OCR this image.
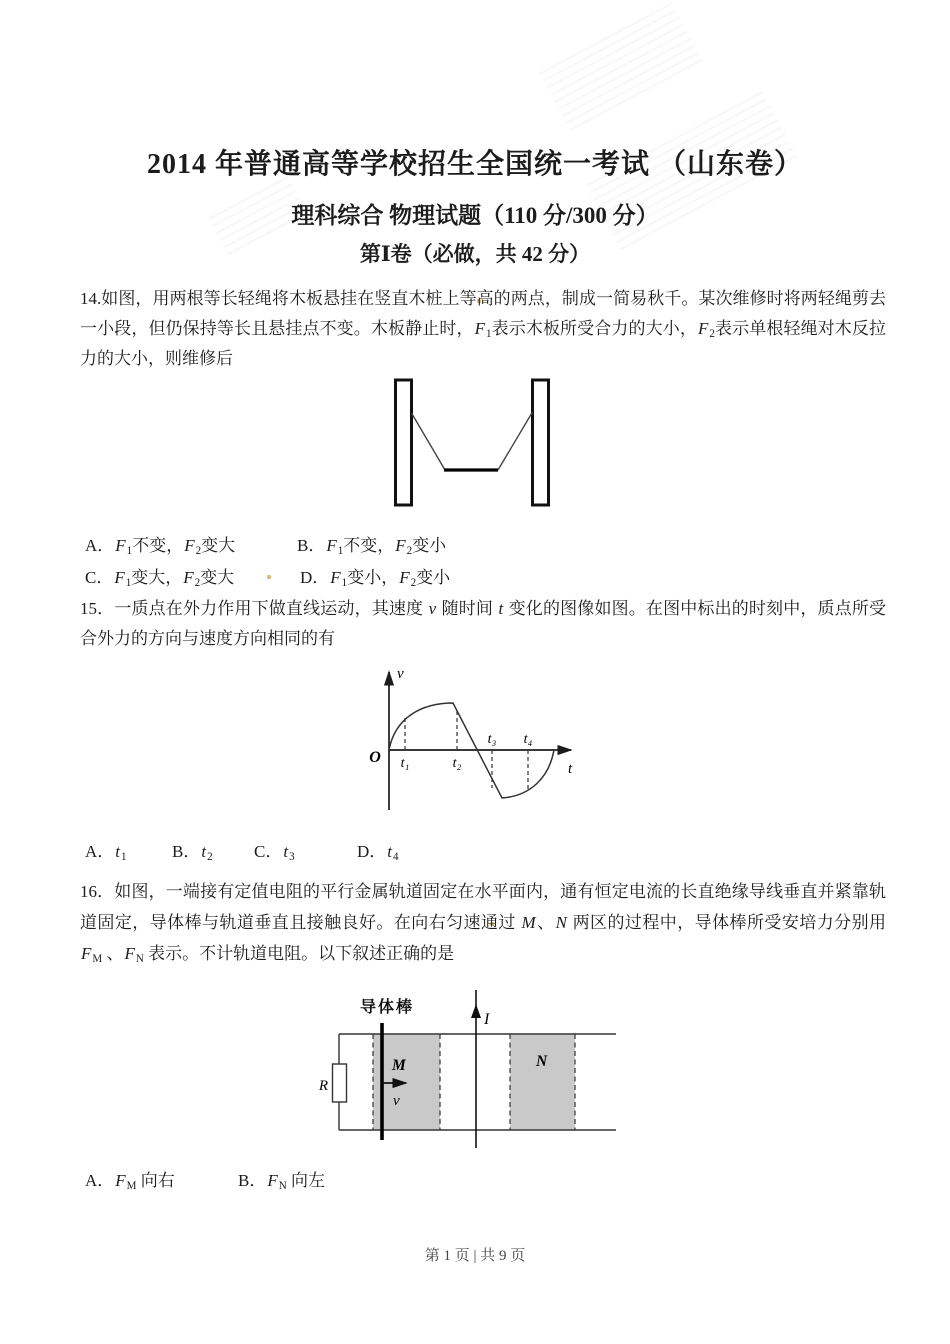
2014 年普通高等学校招生全国统一考试 （山东卷）
理科综合 物理试题（110 分/300 分）
第Ⅰ卷（必做，共 42 分）
14.如图，用两根等长轻绳将木板悬挂在竖直木桩上等高的两点，制成一简易秋千。某次维修时将两轻绳剪去一小段，但仍保持等长且悬挂点不变。木板静止时，$F_1$表示木板所受合力的大小，$F_2$表示单根轻绳对木反拉力的大小，则维修后
A．$F_1$不变，$F_2$变大	B．$F_1$不变，$F_2$变小
C．$F_1$变大，$F_2$变大	D．$F_1$变小，$F_2$变小
15．一质点在外力作用下做直线运动，其速度 v 随时间 t 变化的图像如图。在图中标出的时刻中，质点所受合外力的方向与速度方向相同的有
O
v
t
t₁	t₂
t₃ t₄
A．$t_1$	B．$t_2$ C．$t_3$	D．$t_4$
16．如图，一端接有定值电阻的平行金属轨道固定在水平面内，通有恒定电流的长直绝缘导线垂直并紧靠轨道固定，导体棒与轨道垂直且接触良好。在向右匀速通过 M、N 两区的过程中，导体棒所受安培力分别用 $F_M$ 、$F_N$ 表示。不计轨道电阻。以下叙述正确的是
R
导体棒
M	N
v
I
A．$F_M$ 向右	B．$F_N$ 向左
第 1 页 | 共 9 页
